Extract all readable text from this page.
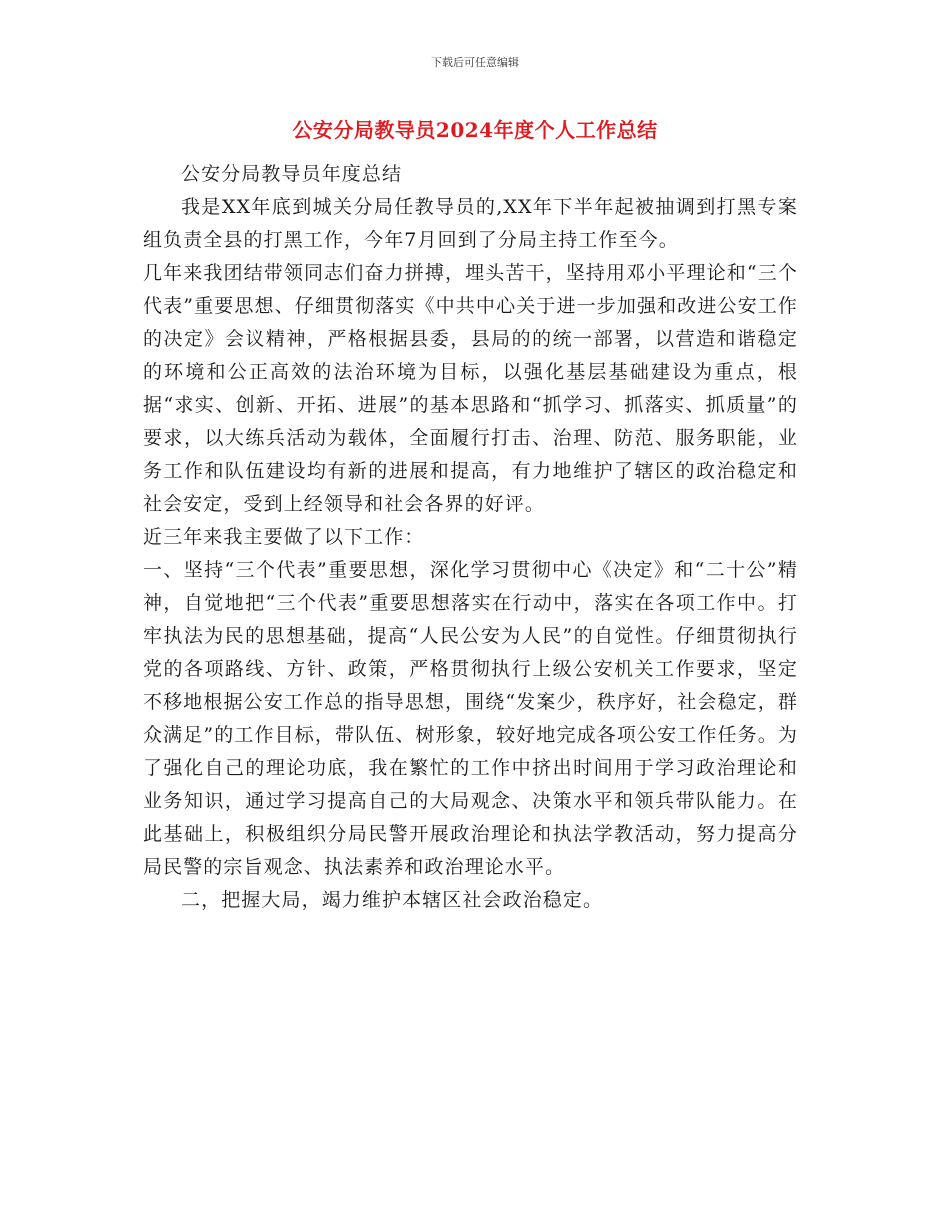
下载后可任意编辑
公安分局教导员2024年度个人工作总结

公安分局教导员年度总结

我是XX年底到城关分局任教导员的,XX年下半年起被抽调到打黑专案组负责全县的打黑工作，今年7月回到了分局主持工作至今。

几年来我团结带领同志们奋力拼搏，埋头苦干，坚持用邓小平理论和“三个代表”重要思想、仔细贯彻落实《中共中心关于进一步加强和改进公安工作的决定》会议精神，严格根据县委，县局的的统一部署，以营造和谐稳定的环境和公正高效的法治环境为目标，以强化基层基础建设为重点，根据“求实、创新、开拓、进展”的基本思路和“抓学习、抓落实、抓质量”的要求，以大练兵活动为载体，全面履行打击、治理、防范、服务职能，业务工作和队伍建设均有新的进展和提高，有力地维护了辖区的政治稳定和社会安定，受到上经领导和社会各界的好评。

近三年来我主要做了以下工作：

一、坚持“三个代表”重要思想，深化学习贯彻中心《决定》和“二十公”精神，自觉地把“三个代表”重要思想落实在行动中，落实在各项工作中。打牢执法为民的思想基础，提高“人民公安为人民”的自觉性。仔细贯彻执行党的各项路线、方针、政策，严格贯彻执行上级公安机关工作要求，坚定不移地根据公安工作总的指导思想，围绕“发案少，秩序好，社会稳定，群众满足”的工作目标，带队伍、树形象，较好地完成各项公安工作任务。为了强化自己的理论功底，我在繁忙的工作中挤出时间用于学习政治理论和业务知识，通过学习提高自己的大局观念、决策水平和领兵带队能力。在此基础上，积极组织分局民警开展政治理论和执法学教活动，努力提高分局民警的宗旨观念、执法素养和政治理论水平。

二，把握大局，竭力维护本辖区社会政治稳定。
